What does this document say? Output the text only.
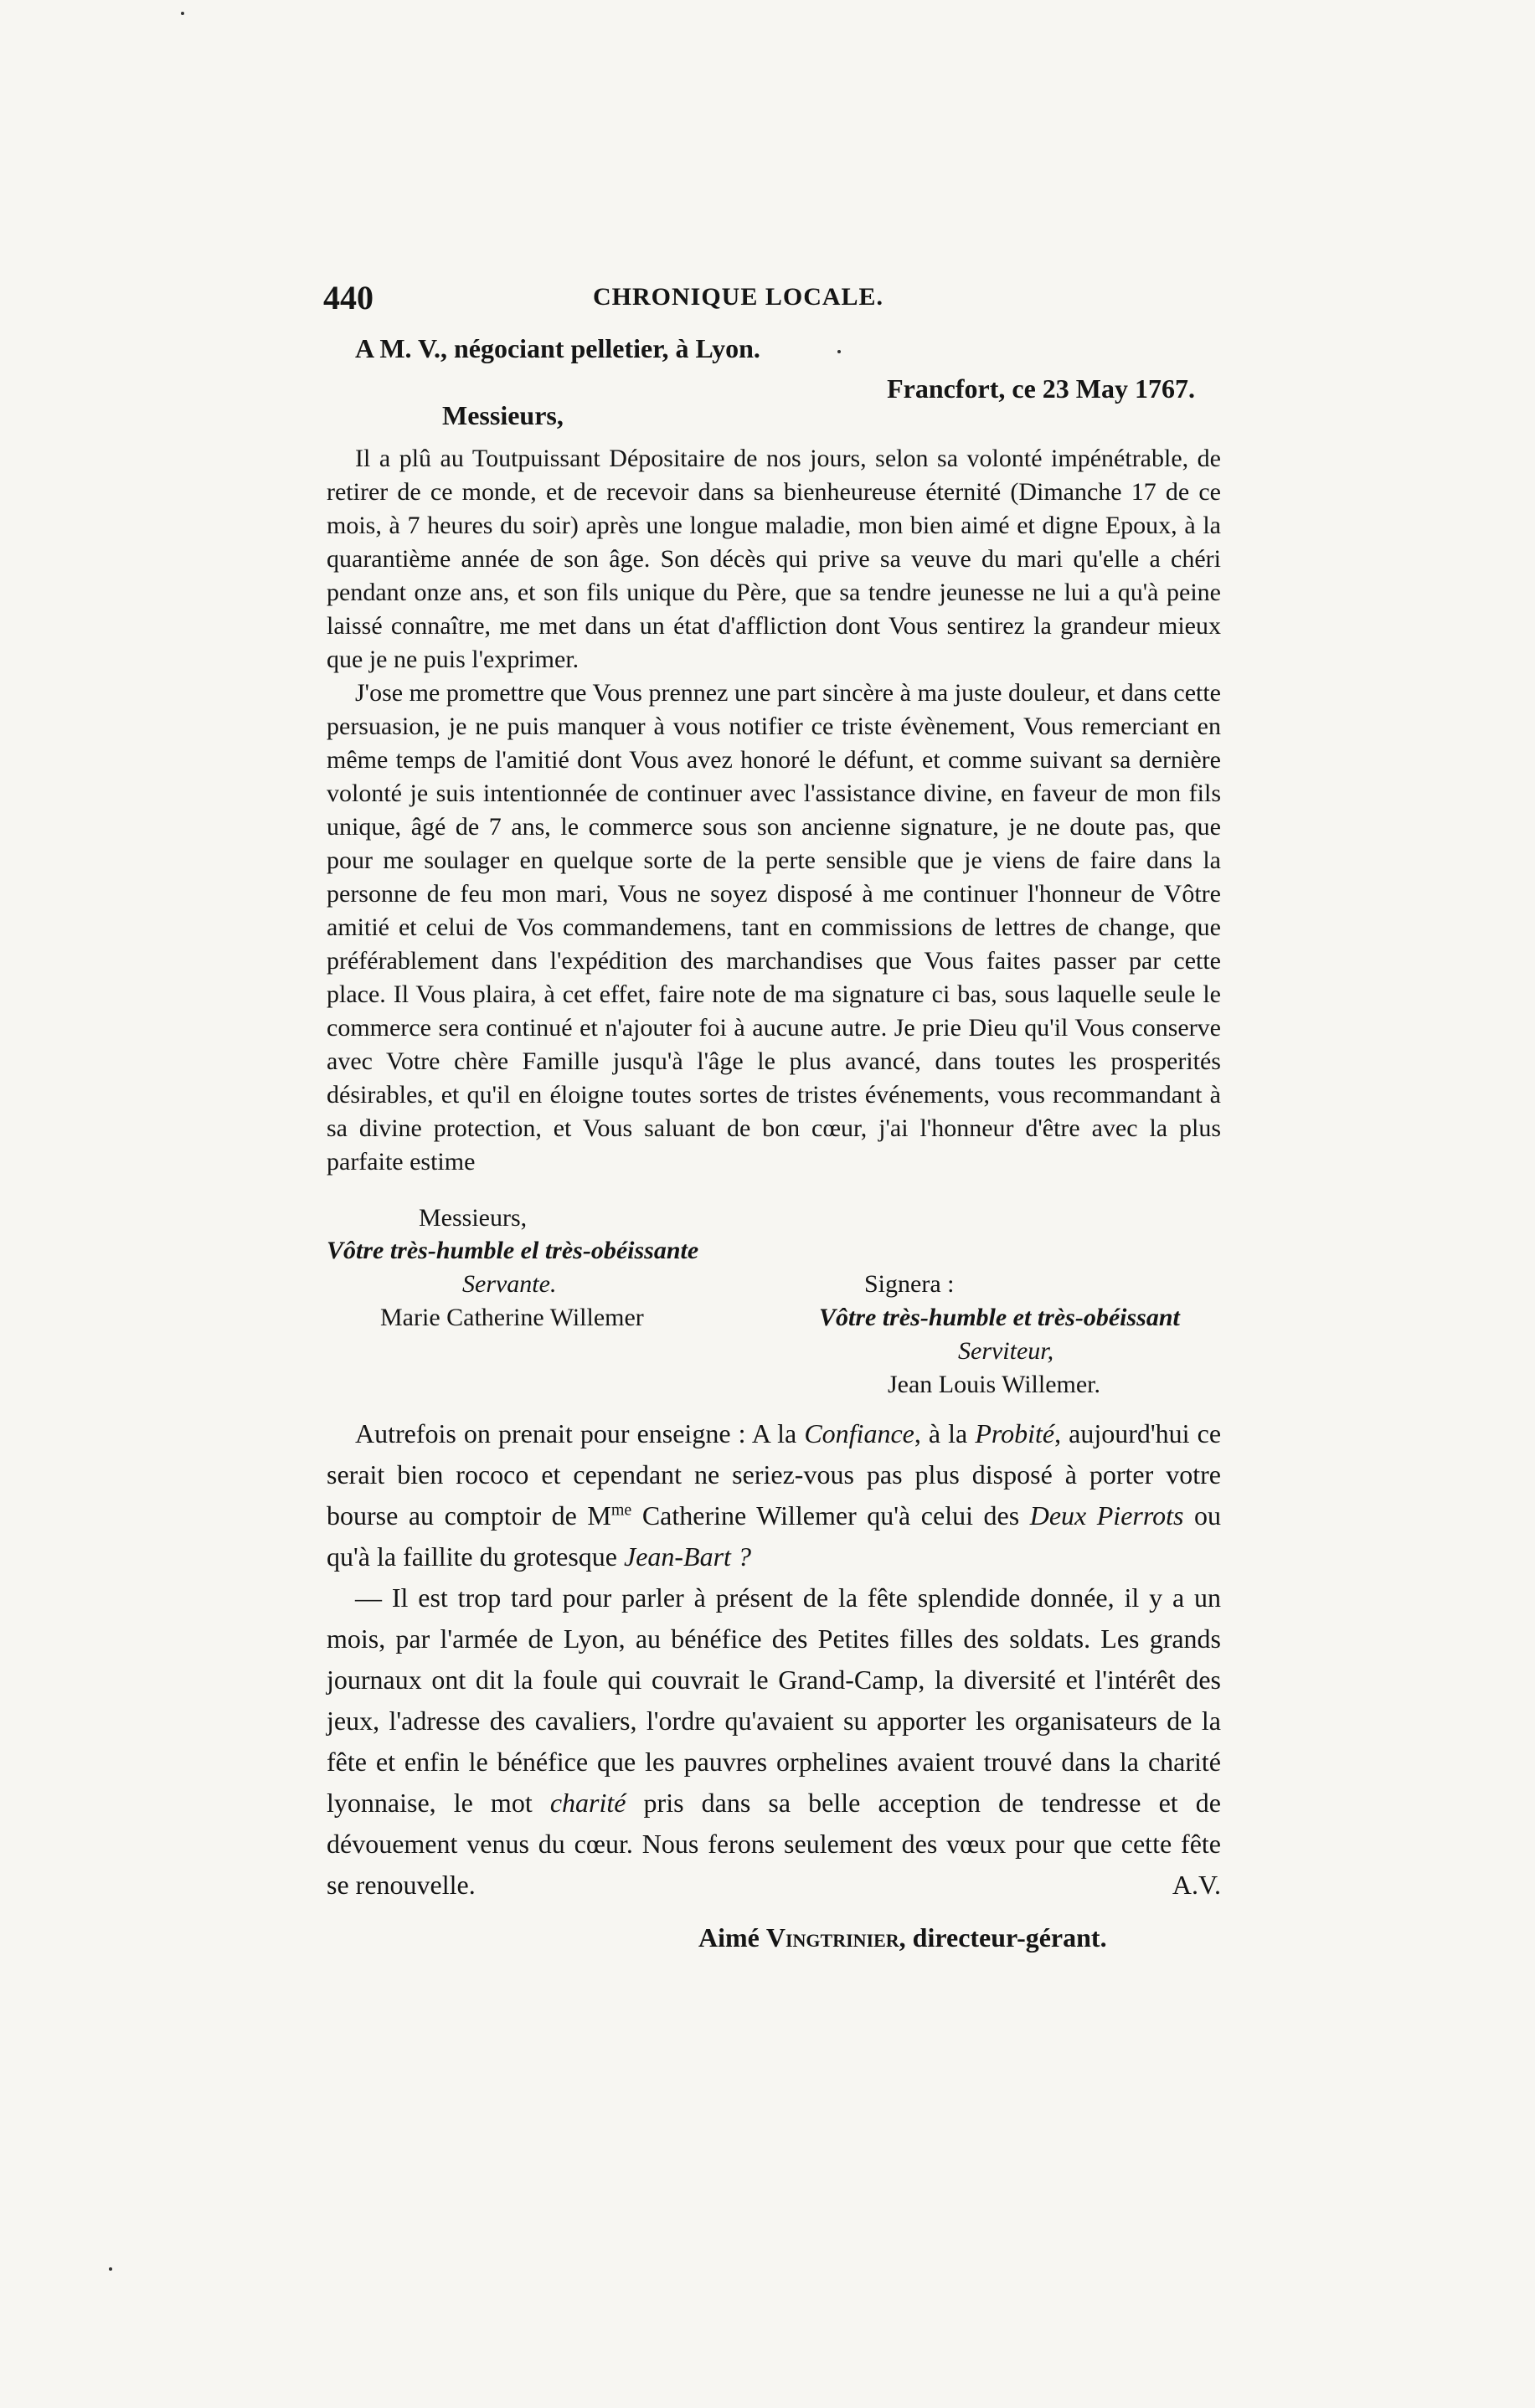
440	CHRONIQUE LOCALE.
A M. V., négociant pelletier, à Lyon.
Francfort, ce 23 May 1767.
Messieurs,

Il a plû au Toutpuissant Dépositaire de nos jours, selon sa volonté impénétrable, de retirer de ce monde, et de recevoir dans sa bienheureuse éternité (Dimanche 17 de ce mois, à 7 heures du soir) après une longue maladie, mon bien aimé et digne Epoux, à la quarantième année de son âge. Son décès qui prive sa veuve du mari qu'elle a chéri pendant onze ans, et son fils unique du Père, que sa tendre jeunesse ne lui a qu'à peine laissé connaître, me met dans un état d'affliction dont Vous sentirez la grandeur mieux que je ne puis l'exprimer.

J'ose me promettre que Vous prennez une part sincère à ma juste douleur, et dans cette persuasion, je ne puis manquer à vous notifier ce triste évènement, Vous remerciant en même temps de l'amitié dont Vous avez honoré le défunt, et comme suivant sa dernière volonté je suis intentionnée de continuer avec l'assistance divine, en faveur de mon fils unique, âgé de 7 ans, le commerce sous son ancienne signature, je ne doute pas, que pour me soulager en quelque sorte de la perte sensible que je viens de faire dans la personne de feu mon mari, Vous ne soyez disposé à me continuer l'honneur de Vôtre amitié et celui de Vos commandemens, tant en commissions de lettres de change, que préférablement dans l'expédition des marchandises que Vous faites passer par cette place. Il Vous plaira, à cet effet, faire note de ma signature ci bas, sous laquelle seule le commerce sera continué et n'ajouter foi à aucune autre. Je prie Dieu qu'il Vous conserve avec Votre chère Famille jusqu'à l'âge le plus avancé, dans toutes les prosperités désirables, et qu'il en éloigne toutes sortes de tristes événements, vous recommandant à sa divine protection, et Vous saluant de bon cœur, j'ai l'honneur d'être avec la plus parfaite estime

Messieurs,
Vôtre très-humble el très-obéissante
Servante.
Marie Catherine Willemer
Signera :
Vôtre très-humble et très-obéissant
Serviteur,
Jean Louis Willemer.

Autrefois on prenait pour enseigne : A la Confiance, à la Probité, aujourd'hui ce serait bien rococo et cependant ne seriez-vous pas plus disposé à porter votre bourse au comptoir de $M^{me}$ Catherine Willemer qu'à celui des Deux Pierrots ou qu'à la faillite du grotesque Jean-Bart ?

— Il est trop tard pour parler à présent de la fête splendide donnée, il y a un mois, par l'armée de Lyon, au bénéfice des Petites filles des soldats. Les grands journaux ont dit la foule qui couvrait le Grand-Camp, la diversité et l'intérêt des jeux, l'adresse des cavaliers, l'ordre qu'avaient su apporter les organisateurs de la fête et enfin le bénéfice que les pauvres orphelines avaient trouvé dans la charité lyonnaise, le mot charité pris dans sa belle acception de tendresse et de dévouement venus du cœur. Nous ferons seulement des vœux pour que cette fête se renouvelle.	A.V.

Aimé Vingtrinier, directeur-gérant.
